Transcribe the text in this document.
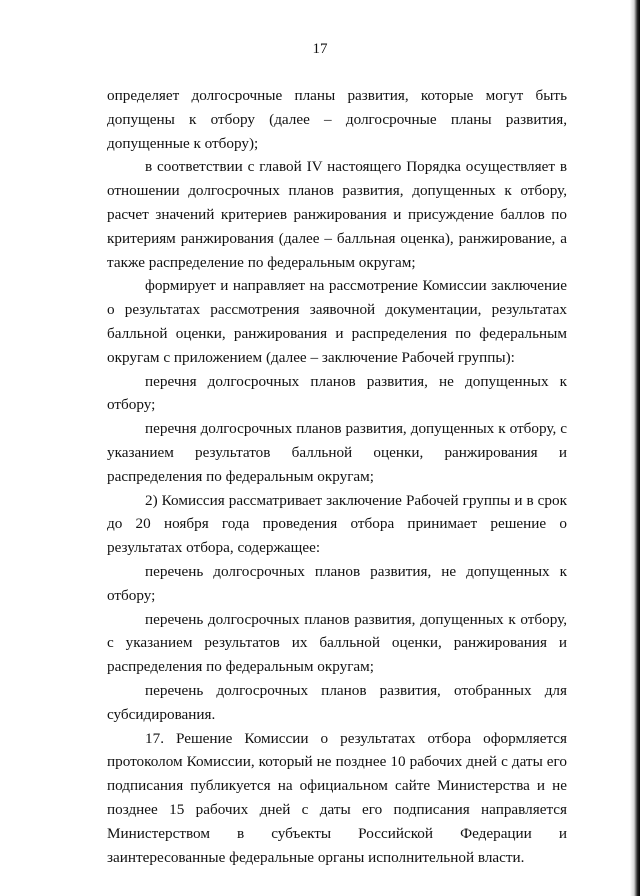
17

определяет долгосрочные планы развития, которые могут быть допущены к отбору (далее – долгосрочные планы развития, допущенные к отбору);

в соответствии с главой IV настоящего Порядка осуществляет в отношении долгосрочных планов развития, допущенных к отбору, расчет значений критериев ранжирования и присуждение баллов по критериям ранжирования (далее – балльная оценка), ранжирование, а также распределение по федеральным округам;

формирует и направляет на рассмотрение Комиссии заключение о результатах рассмотрения заявочной документации, результатах балльной оценки, ранжирования и распределения по федеральным округам с приложением (далее – заключение Рабочей группы):

перечня долгосрочных планов развития, не допущенных к отбору;

перечня долгосрочных планов развития, допущенных к отбору, с указанием результатов балльной оценки, ранжирования и распределения по федеральным округам;

2) Комиссия рассматривает заключение Рабочей группы и в срок до 20 ноября года проведения отбора принимает решение о результатах отбора, содержащее:

перечень долгосрочных планов развития, не допущенных к отбору;

перечень долгосрочных планов развития, допущенных к отбору, с указанием результатов их балльной оценки, ранжирования и распределения по федеральным округам;

перечень долгосрочных планов развития, отобранных для субсидирования.

17. Решение Комиссии о результатах отбора оформляется протоколом Комиссии, который не позднее 10 рабочих дней с даты его подписания публикуется на официальном сайте Министерства и не позднее 15 рабочих дней с даты его подписания направляется Министерством в субъекты Российской Федерации и заинтересованные федеральные органы исполнительной власти.
